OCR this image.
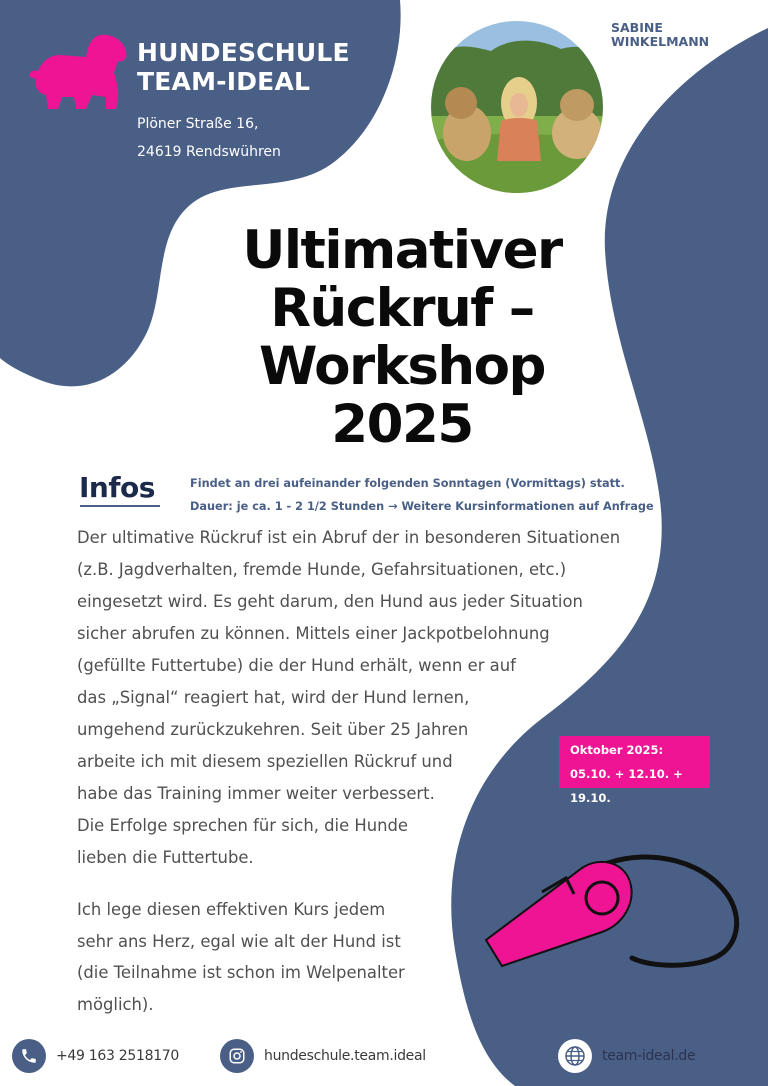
HUNDESCHULE
TEAM-IDEAL
Plöner Straße 16,
24619 Rendswühren
SABINE
WINKELMANN
Ultimativer
Rückruf –
Workshop
2025
Infos	Findet an drei aufeinander folgenden Sonntagen (Vormittags) statt.
Dauer: je ca. 1 - 2 1/2 Stunden → Weitere Kursinformationen auf Anfrage
Der ultimative Rückruf ist ein Abruf der in besonderen Situationen
(z.B. Jagdverhalten, fremde Hunde, Gefahrsituationen, etc.)
eingesetzt wird. Es geht darum, den Hund aus jeder Situation
sicher abrufen zu können. Mittels einer Jackpotbelohnung
(gefüllte Futtertube) die der Hund erhält, wenn er auf
das „Signal“ reagiert hat, wird der Hund lernen,
umgehend zurückzukehren. Seit über 25 Jahren
arbeite ich mit diesem speziellen Rückruf und
habe das Training immer weiter verbessert.
Die Erfolge sprechen für sich, die Hunde
lieben die Futtertube.
Ich lege diesen effektiven Kurs jedem
sehr ans Herz, egal wie alt der Hund ist
(die Teilnahme ist schon im Welpenalter
möglich).
Oktober 2025:
05.10. + 12.10. + 19.10.
+49 163 2518170	hundeschule.team.ideal	team-ideal.de
